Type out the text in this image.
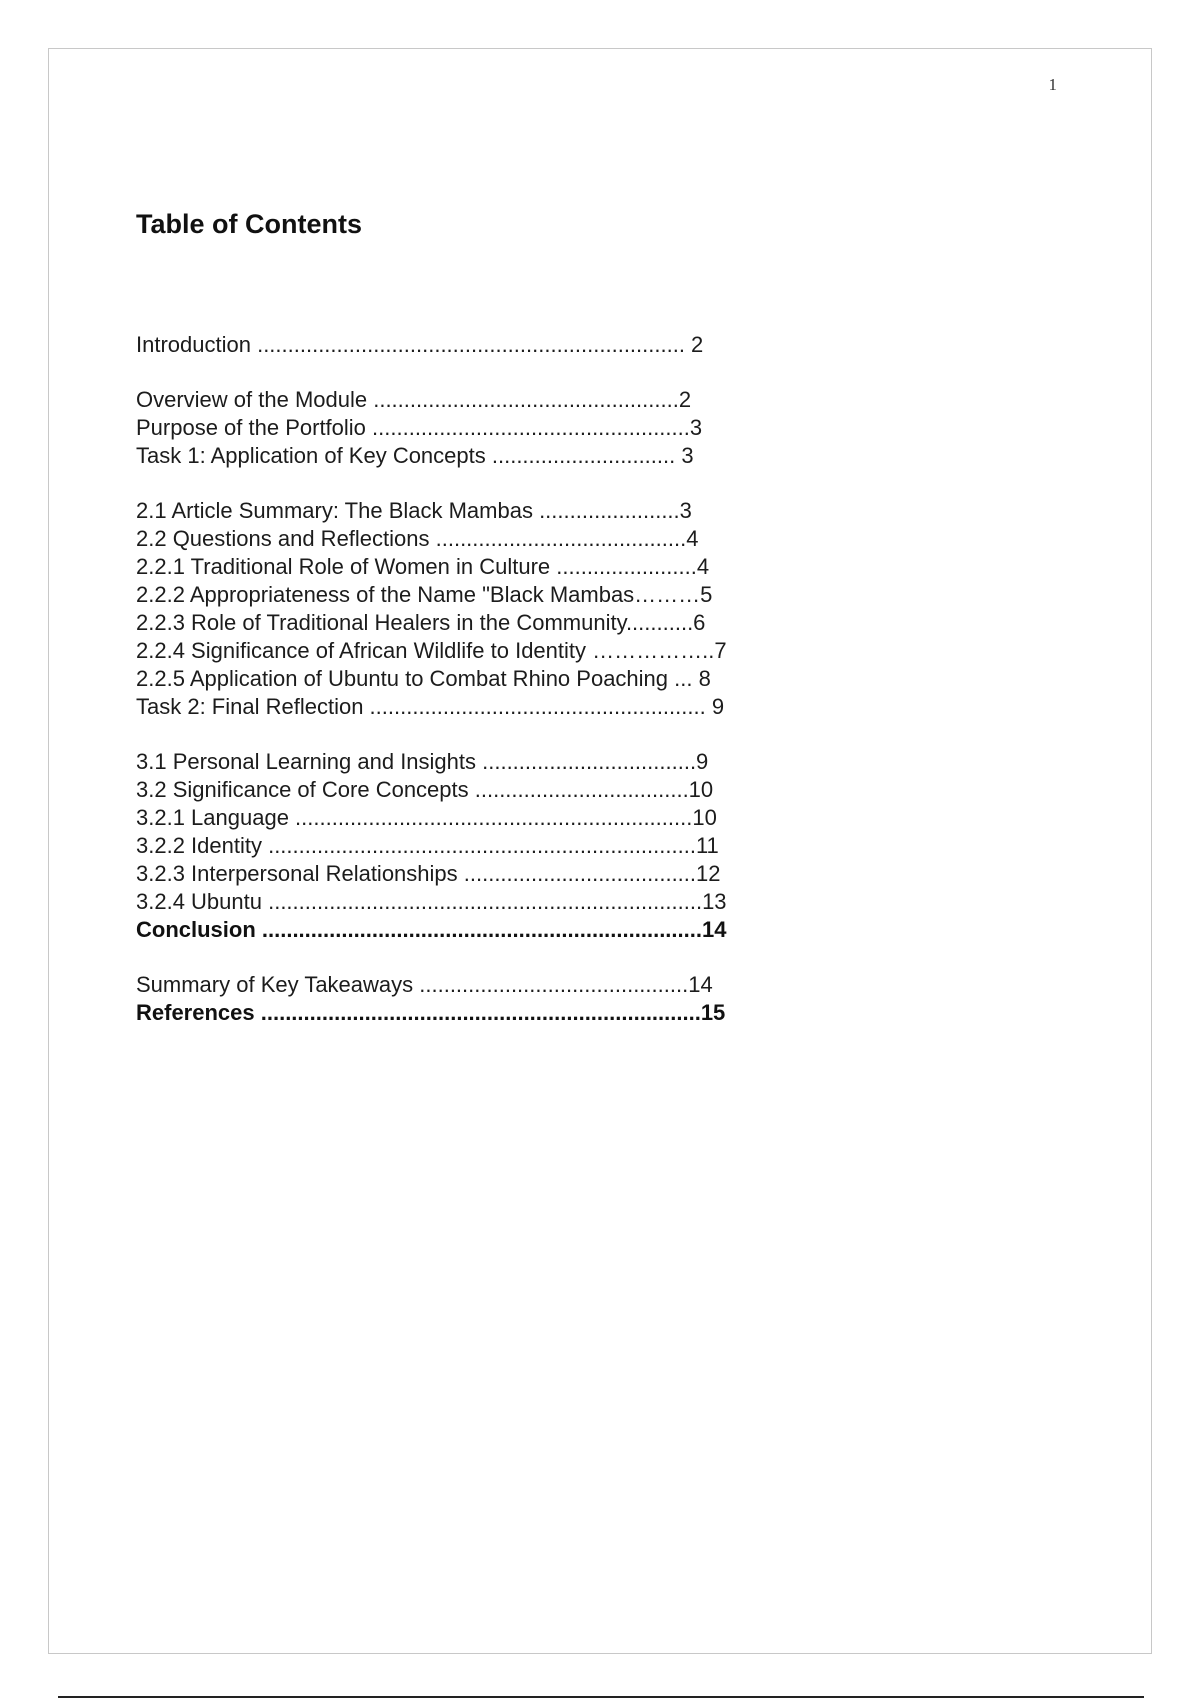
1
Table of Contents
Introduction ...................................................................... 2
Overview of the Module ..................................................2
Purpose of the Portfolio ....................................................3
Task 1: Application of Key Concepts .............................. 3
2.1 Article Summary: The Black Mambas .......................3
2.2 Questions and Reflections .........................................4
2.2.1 Traditional Role of Women in Culture .......................4
2.2.2 Appropriateness of the Name "Black Mambas………5
2.2.3 Role of Traditional Healers in the Community...........6
2.2.4 Significance of African Wildlife to Identity ……………..7
2.2.5 Application of Ubuntu to Combat Rhino Poaching ... 8
Task 2: Final Reflection ....................................................... 9
3.1 Personal Learning and Insights ...................................9
3.2 Significance of Core Concepts ...................................10
3.2.1 Language .................................................................10
3.2.2 Identity ......................................................................11
3.2.3 Interpersonal Relationships ......................................12
3.2.4 Ubuntu .......................................................................13
Conclusion ........................................................................14
Summary of Key Takeaways ............................................14
References ........................................................................15
